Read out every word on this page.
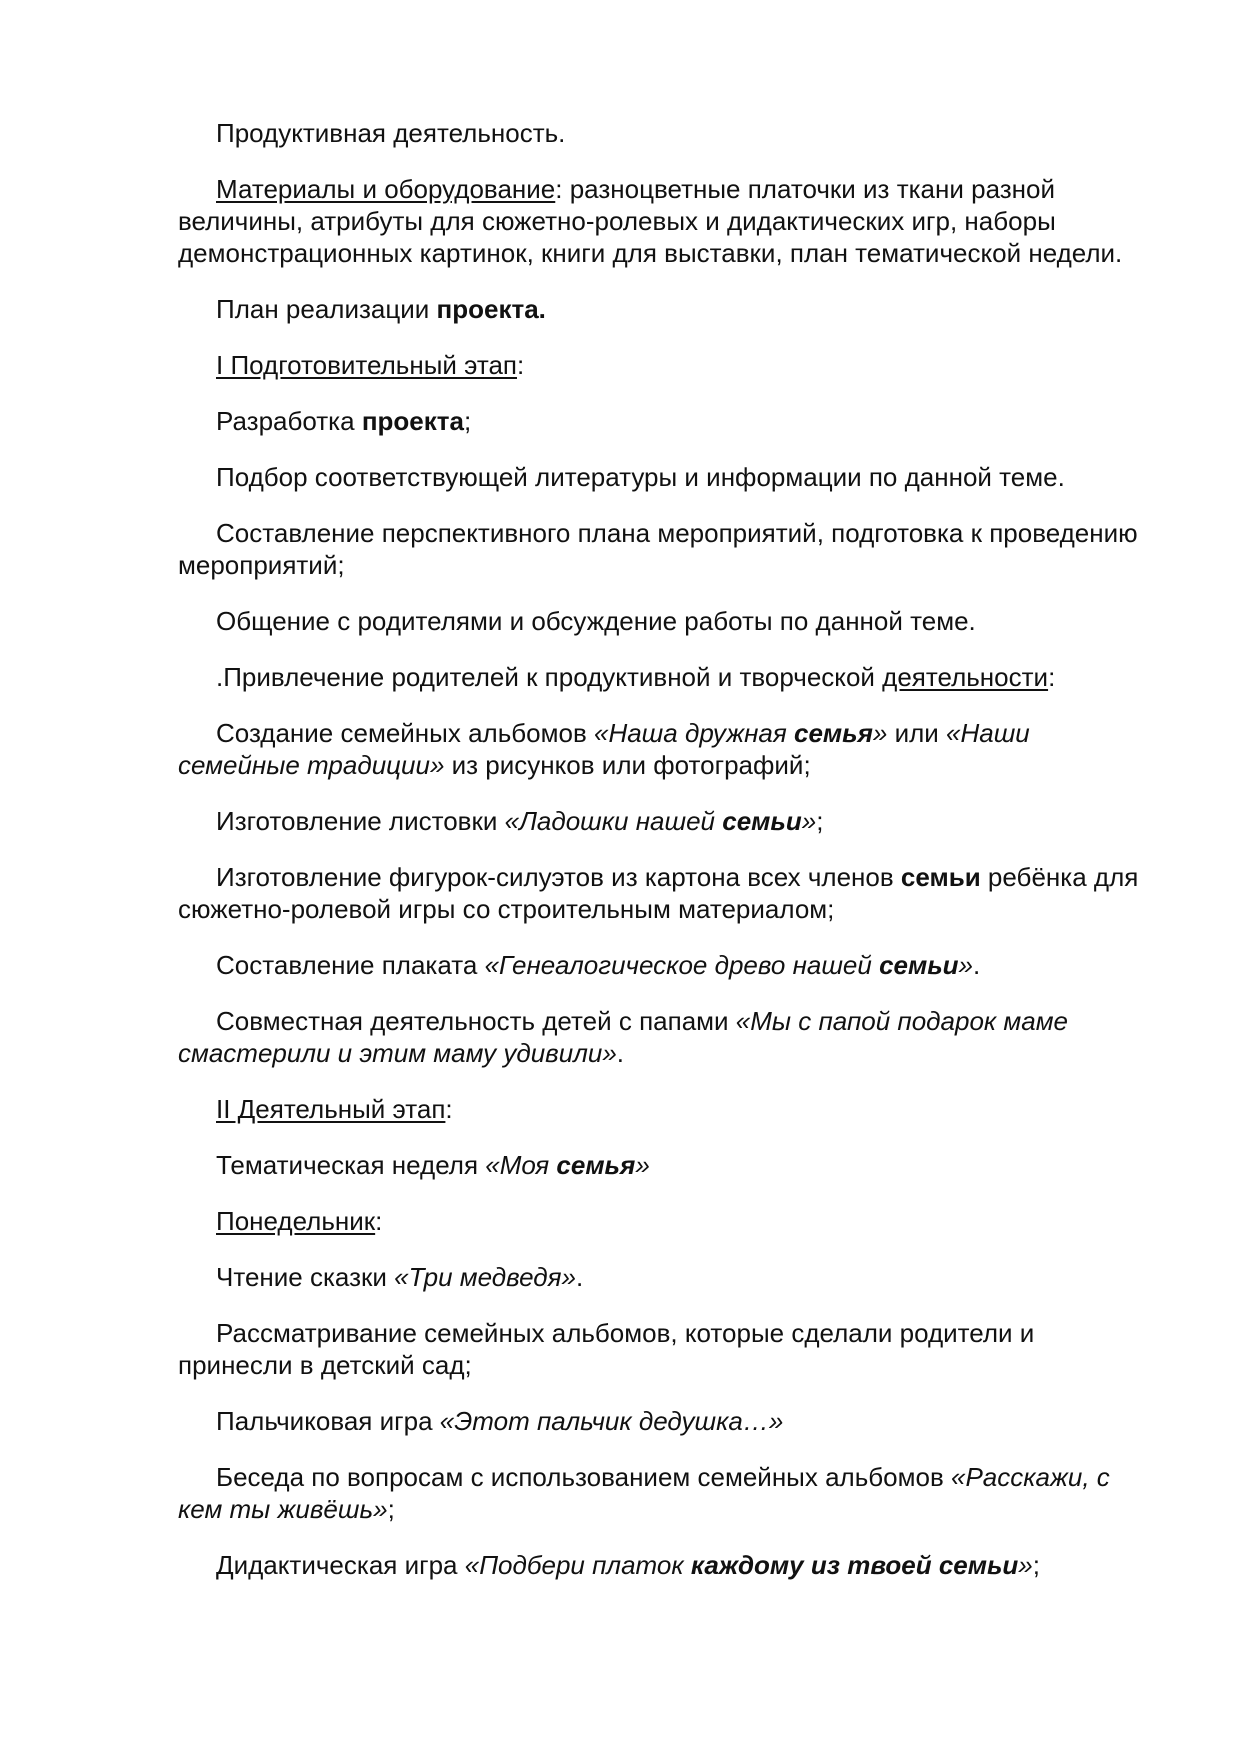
Продуктивная деятельность.

Материалы и оборудование: разноцветные платочки из ткани разной величины, атрибуты для сюжетно-ролевых и дидактических игр, наборы демонстрационных картинок, книги для выставки, план тематической недели.

План реализации проекта.

I Подготовительный этап:

Разработка проекта;

Подбор соответствующей литературы и информации по данной теме.

Составление перспективного плана мероприятий, подготовка к проведению мероприятий;

Общение с родителями и обсуждение работы по данной теме.

.Привлечение родителей к продуктивной и творческой деятельности:

Создание семейных альбомов «Наша дружная семья» или «Наши семейные традиции» из рисунков или фотографий;

Изготовление листовки «Ладошки нашей семьи»;

Изготовление фигурок-силуэтов из картона всех членов семьи ребёнка для сюжетно-ролевой игры со строительным материалом;

Составление плаката «Генеалогическое древо нашей семьи».

Совместная деятельность детей с папами «Мы с папой подарок маме смастерили и этим маму удивили».

II Деятельный этап:

Тематическая неделя «Моя семья»

Понедельник:

Чтение сказки «Три медведя».

Рассматривание семейных альбомов, которые сделали родители и принесли в детский сад;

Пальчиковая игра «Этот пальчик дедушка…»

Беседа по вопросам с использованием семейных альбомов «Расскажи, с кем ты живёшь»;

Дидактическая игра «Подбери платок каждому из твоей семьи»;
